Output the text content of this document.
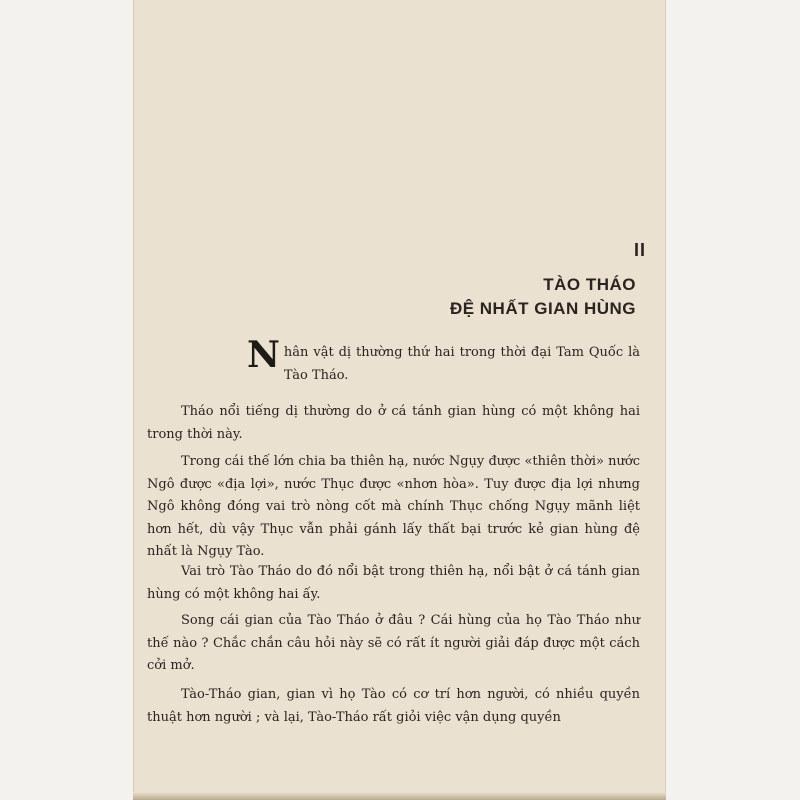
II
TÀO THÁO
ĐỆ NHẤT GIAN HÙNG
N hân vật dị thường thứ hai trong thời đại Tam Quốc là Tào Tháo.

Tháo nổi tiếng dị thường do ở cá tánh gian hùng có một không hai trong thời này.

Trong cái thế lớn chia ba thiên hạ, nước Ngụy được «thiên thời» nước Ngô được «địa lợi», nước Thục được «nhơn hòa». Tuy được địa lợi nhưng Ngô không đóng vai trò nòng cốt mà chính Thục chống Ngụy mãnh liệt hơn hết, dù vậy Thục vẫn phải gánh lấy thất bại trước kẻ gian hùng đệ nhất là Ngụy Tào.

Vai trò Tào Tháo do đó nổi bật trong thiên hạ, nổi bật ở cá tánh gian hùng có một không hai ấy.

Song cái gian của Tào Tháo ở đâu ? Cái hùng của họ Tào Tháo như thế nào ? Chắc chắn câu hỏi này sẽ có rất ít người giải đáp được một cách cởi mở.

Tào-Tháo gian, gian vì họ Tào có cơ trí hơn người, có nhiều quyền thuật hơn người ; và lại, Tào-Tháo rất giỏi việc vận dụng quyền
